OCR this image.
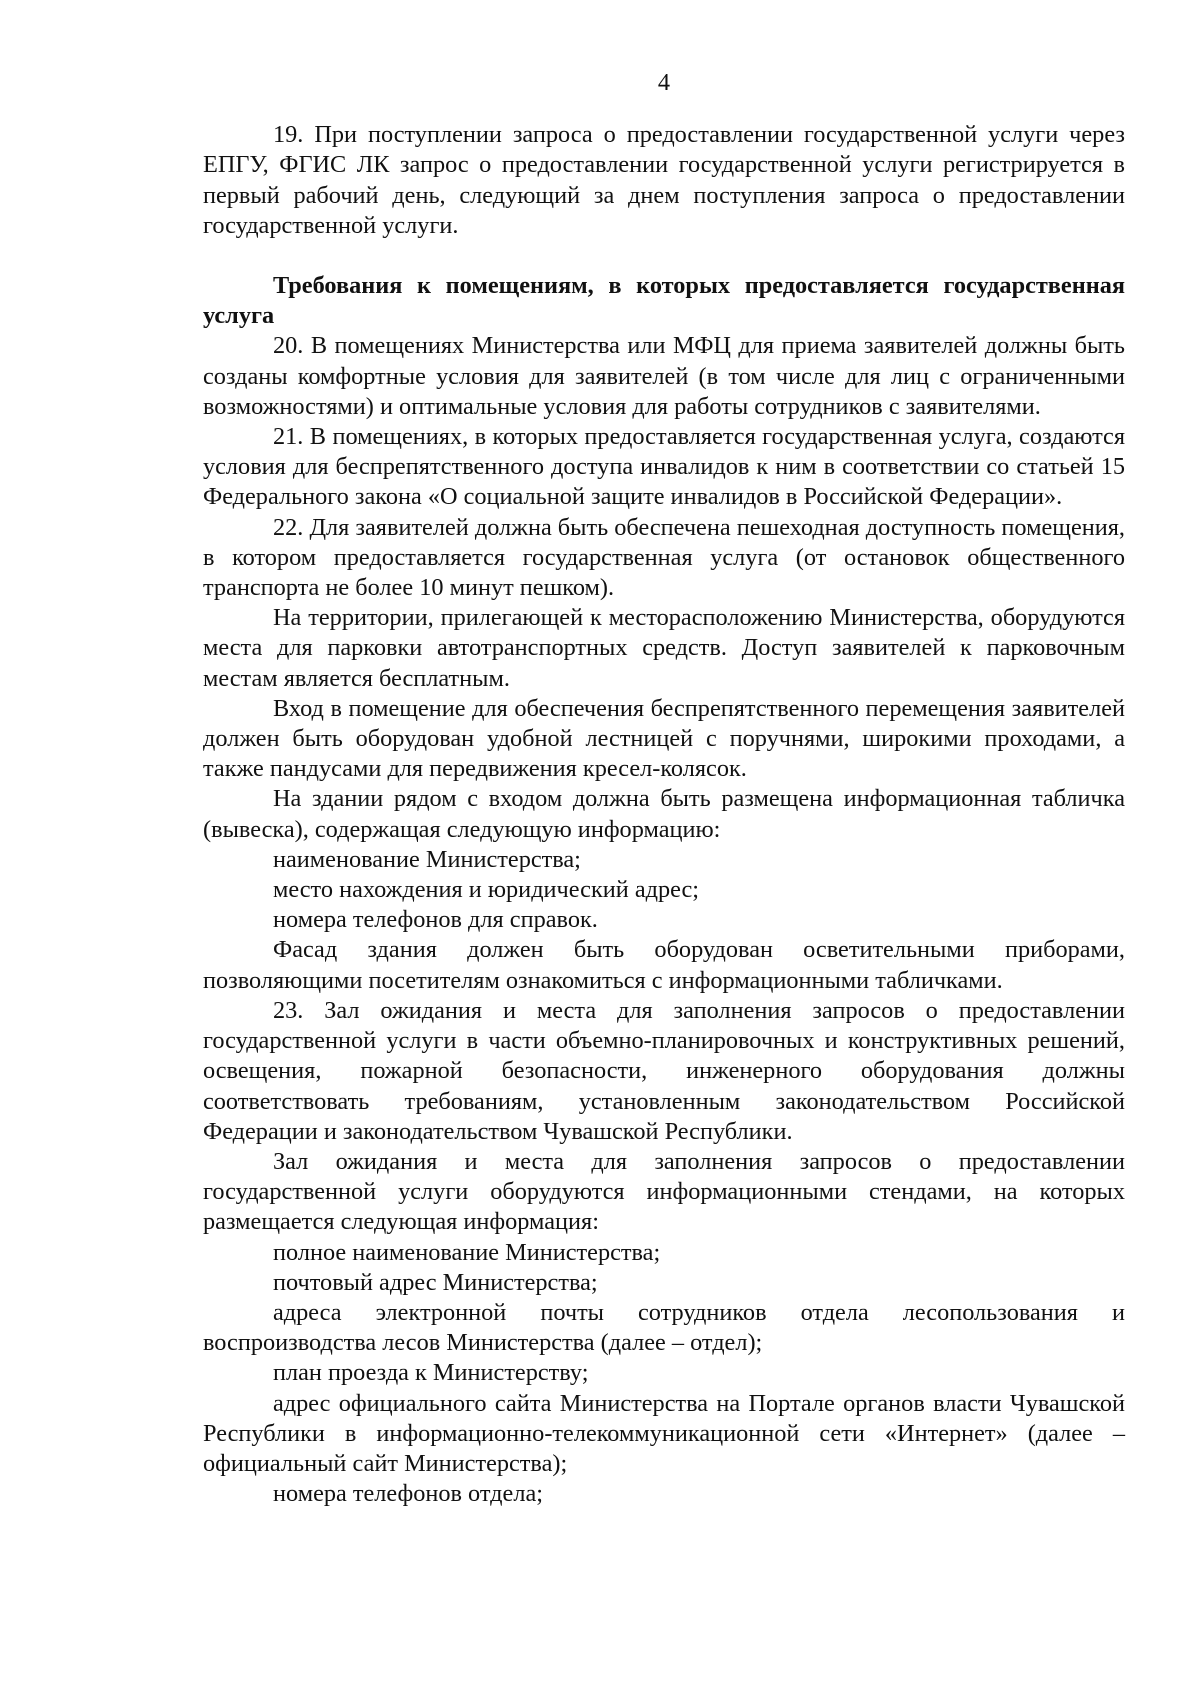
4

19. При поступлении запроса о предоставлении государственной услуги через ЕПГУ, ФГИС ЛК запрос о предоставлении государственной услуги регистрируется в первый рабочий день, следующий за днем поступления запроса о предоставлении государственной услуги.

Требования к помещениям, в которых предоставляется государственная услуга

20. В помещениях Министерства или МФЦ для приема заявителей должны быть созданы комфортные условия для заявителей (в том числе для лиц с ограниченными возможностями) и оптимальные условия для работы сотрудников с заявителями.

21. В помещениях, в которых предоставляется государственная услуга, создаются условия для беспрепятственного доступа инвалидов к ним в соответствии со статьей 15 Федерального закона «О социальной защите инвалидов в Российской Федерации».

22. Для заявителей должна быть обеспечена пешеходная доступность помещения, в котором предоставляется государственная услуга (от остановок общественного транспорта не более 10 минут пешком).

На территории, прилегающей к месторасположению Министерства, оборудуются места для парковки автотранспортных средств. Доступ заявителей к парковочным местам является бесплатным.

Вход в помещение для обеспечения беспрепятственного перемещения заявителей должен быть оборудован удобной лестницей с поручнями, широкими проходами, а также пандусами для передвижения кресел-колясок.

На здании рядом с входом должна быть размещена информационная табличка (вывеска), содержащая следующую информацию:

наименование Министерства;

место нахождения и юридический адрес;

номера телефонов для справок.

Фасад здания должен быть оборудован осветительными приборами, позволяющими посетителям ознакомиться с информационными табличками.

23. Зал ожидания и места для заполнения запросов о предоставлении государственной услуги в части объемно-планировочных и конструктивных решений, освещения, пожарной безопасности, инженерного оборудования должны соответствовать требованиям, установленным законодательством Российской Федерации и законодательством Чувашской Республики.

Зал ожидания и места для заполнения запросов о предоставлении государственной услуги оборудуются информационными стендами, на которых размещается следующая информация:

полное наименование Министерства;

почтовый адрес Министерства;

адреса электронной почты сотрудников отдела лесопользования и воспроизводства лесов Министерства (далее – отдел);

план проезда к Министерству;

адрес официального сайта Министерства на Портале органов власти Чувашской Республики в информационно-телекоммуникационной сети «Интернет» (далее – официальный сайт Министерства);

номера телефонов отдела;
